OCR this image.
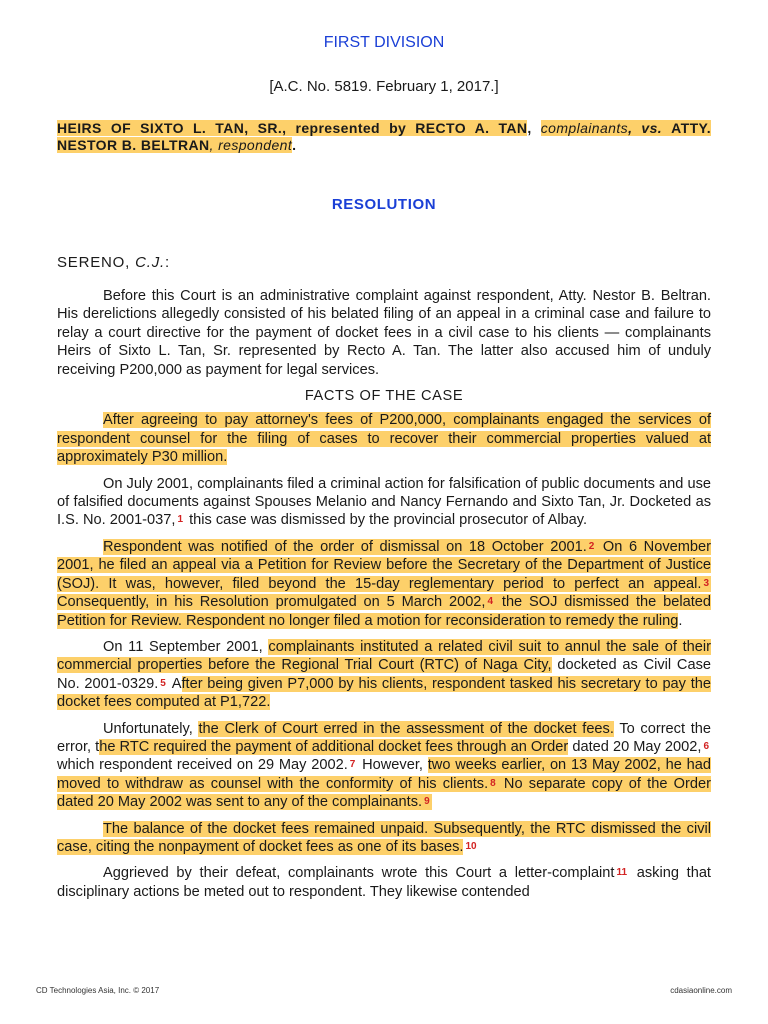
FIRST DIVISION
[A.C. No. 5819. February 1, 2017.]
HEIRS OF SIXTO L. TAN, SR., represented by RECTO A. TAN, complainants, vs. ATTY. NESTOR B. BELTRAN, respondent.
RESOLUTION
SERENO, C.J.:

Before this Court is an administrative complaint against respondent, Atty. Nestor B. Beltran. His derelictions allegedly consisted of his belated filing of an appeal in a criminal case and failure to relay a court directive for the payment of docket fees in a civil case to his clients — complainants Heirs of Sixto L. Tan, Sr. represented by Recto A. Tan. The latter also accused him of unduly receiving P200,000 as payment for legal services.

FACTS OF THE CASE

After agreeing to pay attorney's fees of P200,000, complainants engaged the services of respondent counsel for the filing of cases to recover their commercial properties valued at approximately P30 million.

On July 2001, complainants filed a criminal action for falsification of public documents and use of falsified documents against Spouses Melanio and Nancy Fernando and Sixto Tan, Jr. Docketed as I.S. No. 2001-037, 1 this case was dismissed by the provincial prosecutor of Albay.

Respondent was notified of the order of dismissal on 18 October 2001. 2 On 6 November 2001, he filed an appeal via a Petition for Review before the Secretary of the Department of Justice (SOJ). It was, however, filed beyond the 15-day reglementary period to perfect an appeal. 3 Consequently, in his Resolution promulgated on 5 March 2002, 4 the SOJ dismissed the belated Petition for Review. Respondent no longer filed a motion for reconsideration to remedy the ruling.

On 11 September 2001, complainants instituted a related civil suit to annul the sale of their commercial properties before the Regional Trial Court (RTC) of Naga City, docketed as Civil Case No. 2001-0329. 5 After being given P7,000 by his clients, respondent tasked his secretary to pay the docket fees computed at P1,722.

Unfortunately, the Clerk of Court erred in the assessment of the docket fees. To correct the error, the RTC required the payment of additional docket fees through an Order dated 20 May 2002, 6 which respondent received on 29 May 2002. 7 However, two weeks earlier, on 13 May 2002, he had moved to withdraw as counsel with the conformity of his clients. 8 No separate copy of the Order dated 20 May 2002 was sent to any of the complainants. 9

The balance of the docket fees remained unpaid. Subsequently, the RTC dismissed the civil case, citing the nonpayment of docket fees as one of its bases. 10

Aggrieved by their defeat, complainants wrote this Court a letter-complaint 11 asking that disciplinary actions be meted out to respondent. They likewise contended

CD Technologies Asia, Inc. © 2017	cdasiaonline.com
